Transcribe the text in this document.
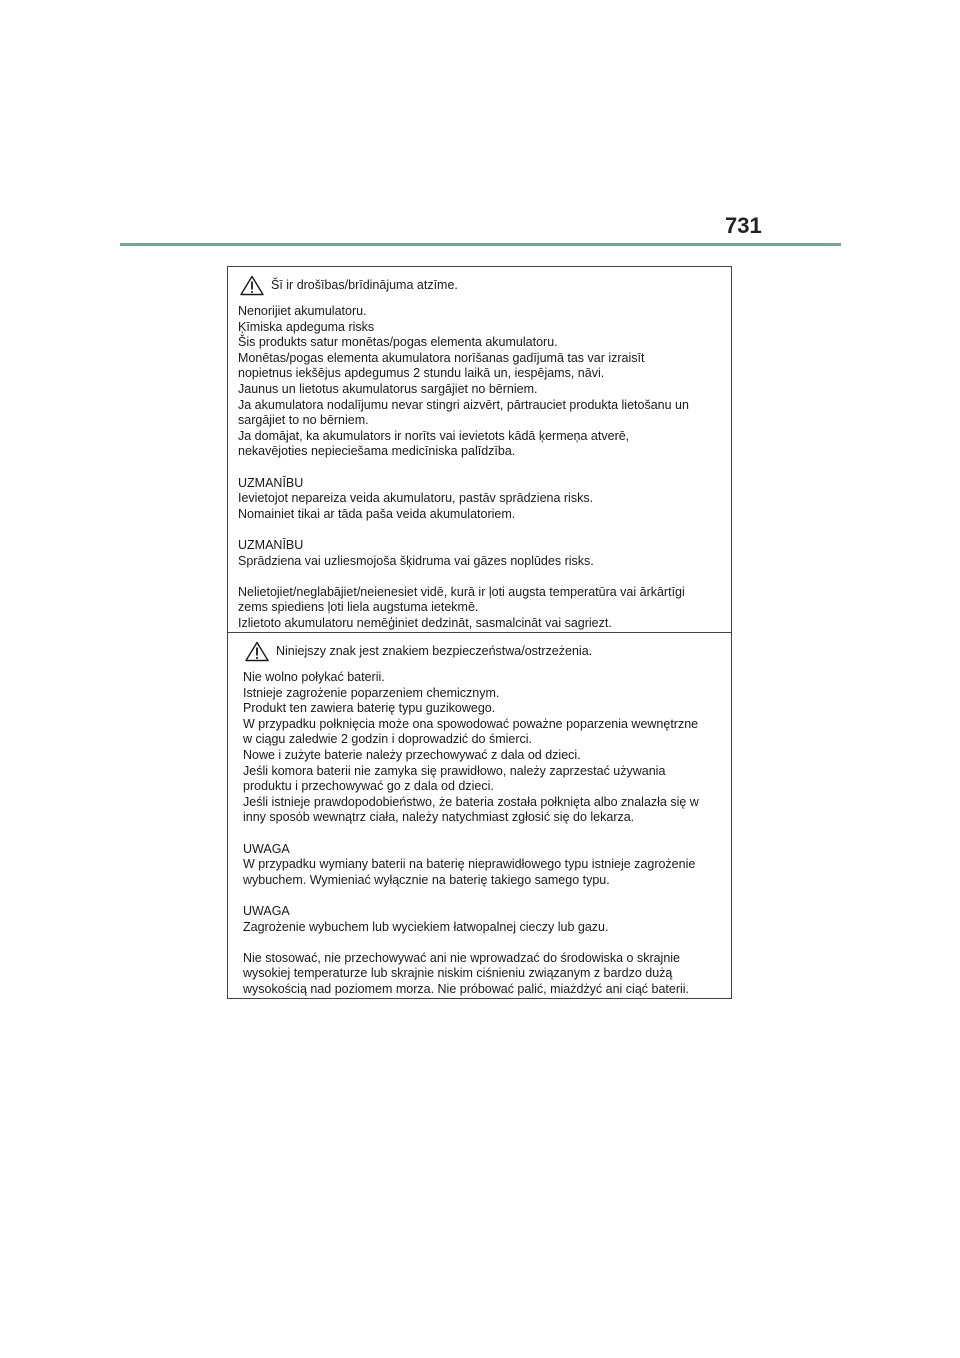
731
Šī ir drošības/brīdinājuma atzīme.

Nenorijiet akumulatoru.

Ķīmiska apdeguma risks

Šis produkts satur monētas/pogas elementa akumulatoru.

Monētas/pogas elementa akumulatora norīšanas gadījumā tas var izraisīt

nopietnus iekšējus apdegumus 2 stundu laikā un, iespējams, nāvi.

Jaunus un lietotus akumulatorus sargājiet no bērniem.

Ja akumulatora nodalījumu nevar stingri aizvērt, pārtrauciet produkta lietošanu un

sargājiet to no bērniem.

Ja domājat, ka akumulators ir norīts vai ievietots kādā ķermeņa atverē,

nekavējoties nepieciešama medicīniska palīdzība.

UZMANĪBU

Ievietojot nepareiza veida akumulatoru, pastāv sprādziena risks.

Nomainiet tikai ar tāda paša veida akumulatoriem.

UZMANĪBU

Sprādziena vai uzliesmojoša šķidruma vai gāzes noplūdes risks.

Nelietojiet/neglabājiet/neienesiet vidē, kurā ir ļoti augsta temperatūra vai ārkārtīgi

zems spiediens ļoti liela augstuma ietekmē.

Izlietoto akumulatoru nemēģiniet dedzināt, sasmalcināt vai sagriezt.

Niniejszy znak jest znakiem bezpieczeństwa/ostrzeżenia.

Nie wolno połykać baterii.

Istnieje zagrożenie poparzeniem chemicznym.

Produkt ten zawiera baterię typu guzikowego.

W przypadku połknięcia może ona spowodować poważne poparzenia wewnętrzne

w ciągu zaledwie 2 godzin i doprowadzić do śmierci.

Nowe i zużyte baterie należy przechowywać z dala od dzieci.

Jeśli komora baterii nie zamyka się prawidłowo, należy zaprzestać używania

produktu i przechowywać go z dala od dzieci.

Jeśli istnieje prawdopodobieństwo, że bateria została połknięta albo znalazła się w

inny sposób wewnątrz ciała, należy natychmiast zgłosić się do lekarza.

UWAGA

W przypadku wymiany baterii na baterię nieprawidłowego typu istnieje zagrożenie

wybuchem. Wymieniać wyłącznie na baterię takiego samego typu.

UWAGA

Zagrożenie wybuchem lub wyciekiem łatwopalnej cieczy lub gazu.

Nie stosować, nie przechowywać ani nie wprowadzać do środowiska o skrajnie

wysokiej temperaturze lub skrajnie niskim ciśnieniu związanym z bardzo dużą

wysokością nad poziomem morza. Nie próbować palić, miażdżyć ani ciąć baterii.
